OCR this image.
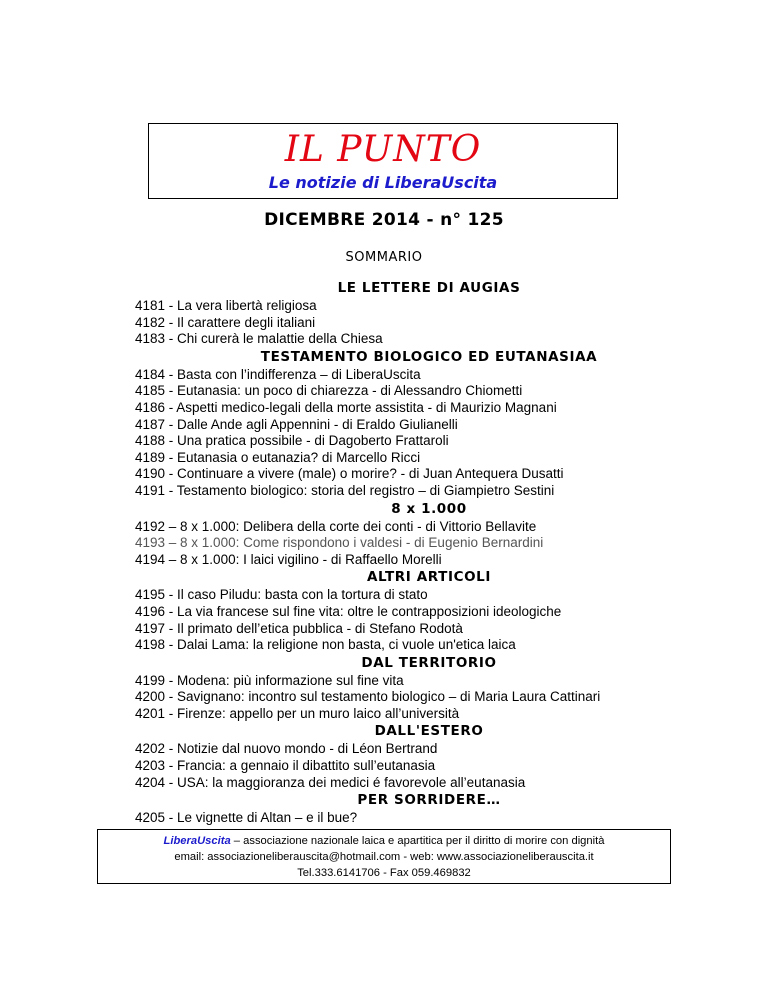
IL PUNTO
Le notizie di LiberaUscita
DICEMBRE 2014 - n° 125
SOMMARIO
LE LETTERE DI AUGIAS
4181 - La vera libertà religiosa
4182 - Il carattere degli italiani
4183 - Chi curerà le malattie della Chiesa
TESTAMENTO BIOLOGICO ED EUTANASIAA
4184 - Basta con l’indifferenza – di LiberaUscita
4185 - Eutanasia: un poco di chiarezza - di Alessandro Chiometti
4186 - Aspetti medico-legali della morte assistita - di Maurizio Magnani
4187 - Dalle Ande agli Appennini - di Eraldo Giulianelli
4188 - Una pratica possibile - di Dagoberto Frattaroli
4189 - Eutanasia o eutanazia? di Marcello Ricci
4190 - Continuare a vivere (male) o morire? - di Juan Antequera Dusatti
4191 - Testamento biologico: storia del registro – di Giampietro Sestini
8 x 1.000
4192 – 8 x 1.000: Delibera della corte dei conti - di Vittorio Bellavite
4193 – 8 x 1.000: Come rispondono i valdesi - di Eugenio Bernardini
4194 – 8 x 1.000: I laici vigilino - di Raffaello Morelli
ALTRI ARTICOLI
4195 - Il caso Piludu: basta con la tortura di stato
4196 - La via francese sul fine vita: oltre le contrapposizioni ideologiche
4197 - Il primato dell’etica pubblica - di Stefano Rodotà
4198 - Dalai Lama: la religione non basta, ci vuole un'etica laica
DAL TERRITORIO
4199 - Modena: più informazione sul fine vita
4200 - Savignano: incontro sul testamento biologico – di Maria Laura Cattinari
4201 - Firenze: appello per un muro laico all’università
DALL'ESTERO
4202 - Notizie dal nuovo mondo - di Léon Bertrand
4203 - Francia: a gennaio il dibattito sull’eutanasia
4204 - USA: la maggioranza dei medici é favorevole all’eutanasia
PER SORRIDERE…
4205 - Le vignette di Altan – e il bue?
LiberaUscita – associazione nazionale laica e apartitica per il diritto di morire con dignità
email: associazioneliberauscita@hotmail.com - web: www.associazioneliberauscita.it
Tel.333.6141706 - Fax 059.469832
